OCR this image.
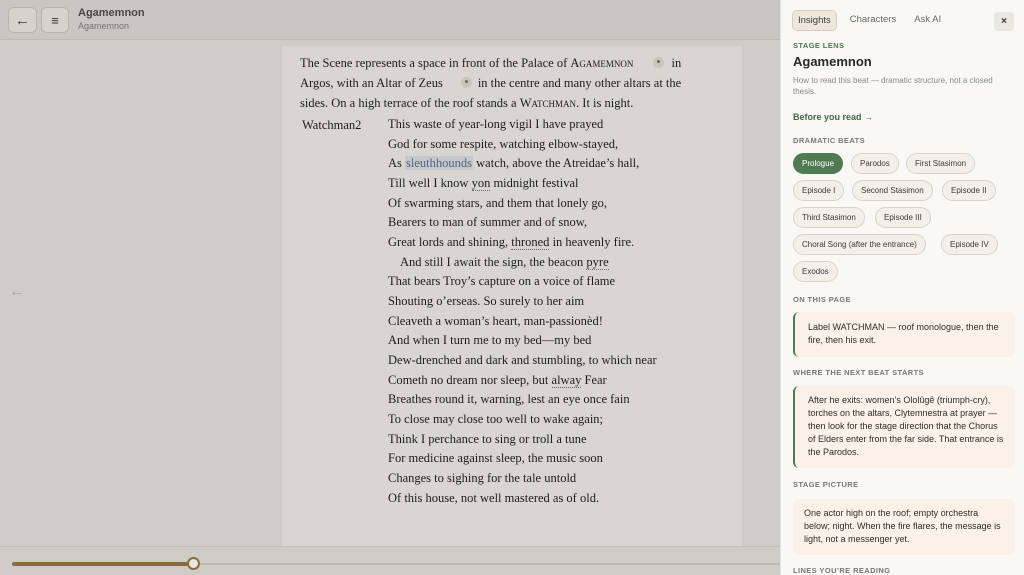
← ≡ Agamemnon
Agamemnon
←
The Scene represents a space in front of the Palace of Agamemnon	in
Argos, with an Altar of Zeus	in the centre and many other altars at the
sides. On a high terrace of the roof stands a Watchman. It is night.
Watchman2 This waste of year-long vigil I have prayed
God for some respite, watching elbow-stayed,
As sleuthhounds watch, above the Atreidae’s hall,
Till well I know yon midnight festival
Of swarming stars, and them that lonely go,
Bearers to man of summer and of snow,
Great lords and shining, throned in heavenly fire.
And still I await the sign, the beacon pyre
That bears Troy’s capture on a voice of flame
Shouting o’erseas. So surely to her aim
Cleaveth a woman’s heart, man-passionèd!
And when I turn me to my bed—my bed
Dew-drenched and dark and stumbling, to which near
Cometh no dream nor sleep, but alway Fear
Breathes round it, warning, lest an eye once fain
To close may close too well to wake again;
Think I perchance to sing or troll a tune
For medicine against sleep, the music soon
Changes to sighing for the tale untold
Of this house, not well mastered as of old.
Insights	Characters	Ask AI	×
STAGE LENS
Agamemnon
How to read this beat — dramatic structure, not a closed thesis.
Before you read →
DRAMATIC BEATS
Prologue	Parodos	First Stasimon
Episode I	Second Stasimon	Episode II
Third Stasimon	Episode III
Choral Song (after the entrance)	Episode IV
Exodos
ON THIS PAGE
Label WATCHMAN — roof monologue, then the fire, then his exit.
WHERE THE NEXT BEAT STARTS
After he exits: women’s Ololûgê (triumph-cry), torches on the altars, Clytemnestra at prayer — then look for the stage direction that the Chorus of Elders enter from the far side. That entrance is the Parodos.
STAGE PICTURE
One actor high on the roof; empty orchestra below; night. When the fire flares, the message is light, not a messenger yet.
LINES YOU’RE READING
